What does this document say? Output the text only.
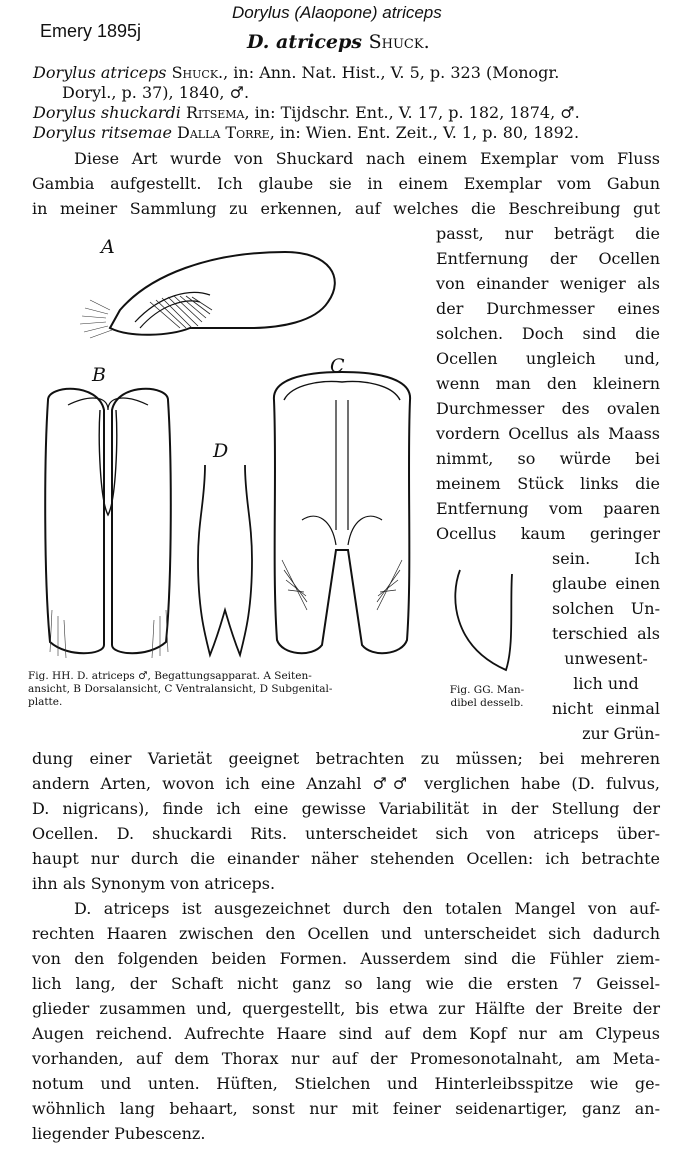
Emery 1895j
Dorylus (Alaopone) atriceps
D. atriceps Shuck.
Dorylus atriceps Shuck., in: Ann. Nat. Hist., V. 5, p. 323 (Monogr.
Doryl., p. 37), 1840, ♂.
Dorylus shuckardi Ritsema, in: Tijdschr. Ent., V. 17, p. 182, 1874, ♂.
Dorylus ritsemae Dalla Torre, in: Wien. Ent. Zeit., V. 1, p. 80, 1892.
Diese Art wurde von Shuckard nach einem Exemplar vom Fluss
Gambia aufgestellt. Ich glaube sie in einem Exemplar vom Gabun
in meiner Sammlung zu erkennen, auf welches die Beschreibung gut
passt, nur beträgt die
Entfernung der Ocellen
von einander weniger als
der Durchmesser eines
solchen. Doch sind die
Ocellen ungleich und,
wenn man den kleinern
Durchmesser des ovalen
vordern Ocellus als Maass
nimmt, so würde bei
meinem Stück links die
Entfernung vom paaren
Ocellus kaum geringer
sein. Ich
glaube einen
solchen Un-
terschied als
unwesent-
lich und
nicht einmal
zur Grün-
dung einer Varietät geeignet betrachten zu müssen; bei mehreren
andern Arten, wovon ich eine Anzahl ♂♂ verglichen habe (D. fulvus,
D. nigricans), finde ich eine gewisse Variabilität in der Stellung der
Ocellen. D. shuckardi Rits. unterscheidet sich von atriceps über-
haupt nur durch die einander näher stehenden Ocellen: ich betrachte
ihn als Synonym von atriceps.
D. atriceps ist ausgezeichnet durch den totalen Mangel von auf-
rechten Haaren zwischen den Ocellen und unterscheidet sich dadurch
von den folgenden beiden Formen. Ausserdem sind die Fühler ziem-
lich lang, der Schaft nicht ganz so lang wie die ersten 7 Geissel-
glieder zusammen und, quergestellt, bis etwa zur Hälfte der Breite der
Augen reichend. Aufrechte Haare sind auf dem Kopf nur am Clypeus
vorhanden, auf dem Thorax nur auf der Promesonotalnaht, am Meta-
notum und unten. Hüften, Stielchen und Hinterleibsspitze wie ge-
wöhnlich lang behaart, sonst nur mit feiner seidenartiger, ganz an-
liegender Pubescenz.
A
B	C
D
Fig. HH. D. atriceps ♂, Begattungsapparat. A Seiten-
ansicht, B Dorsalansicht, C Ventralansicht, D Subgenital-
platte.
Fig. GG. Man-
dibel desselb.
